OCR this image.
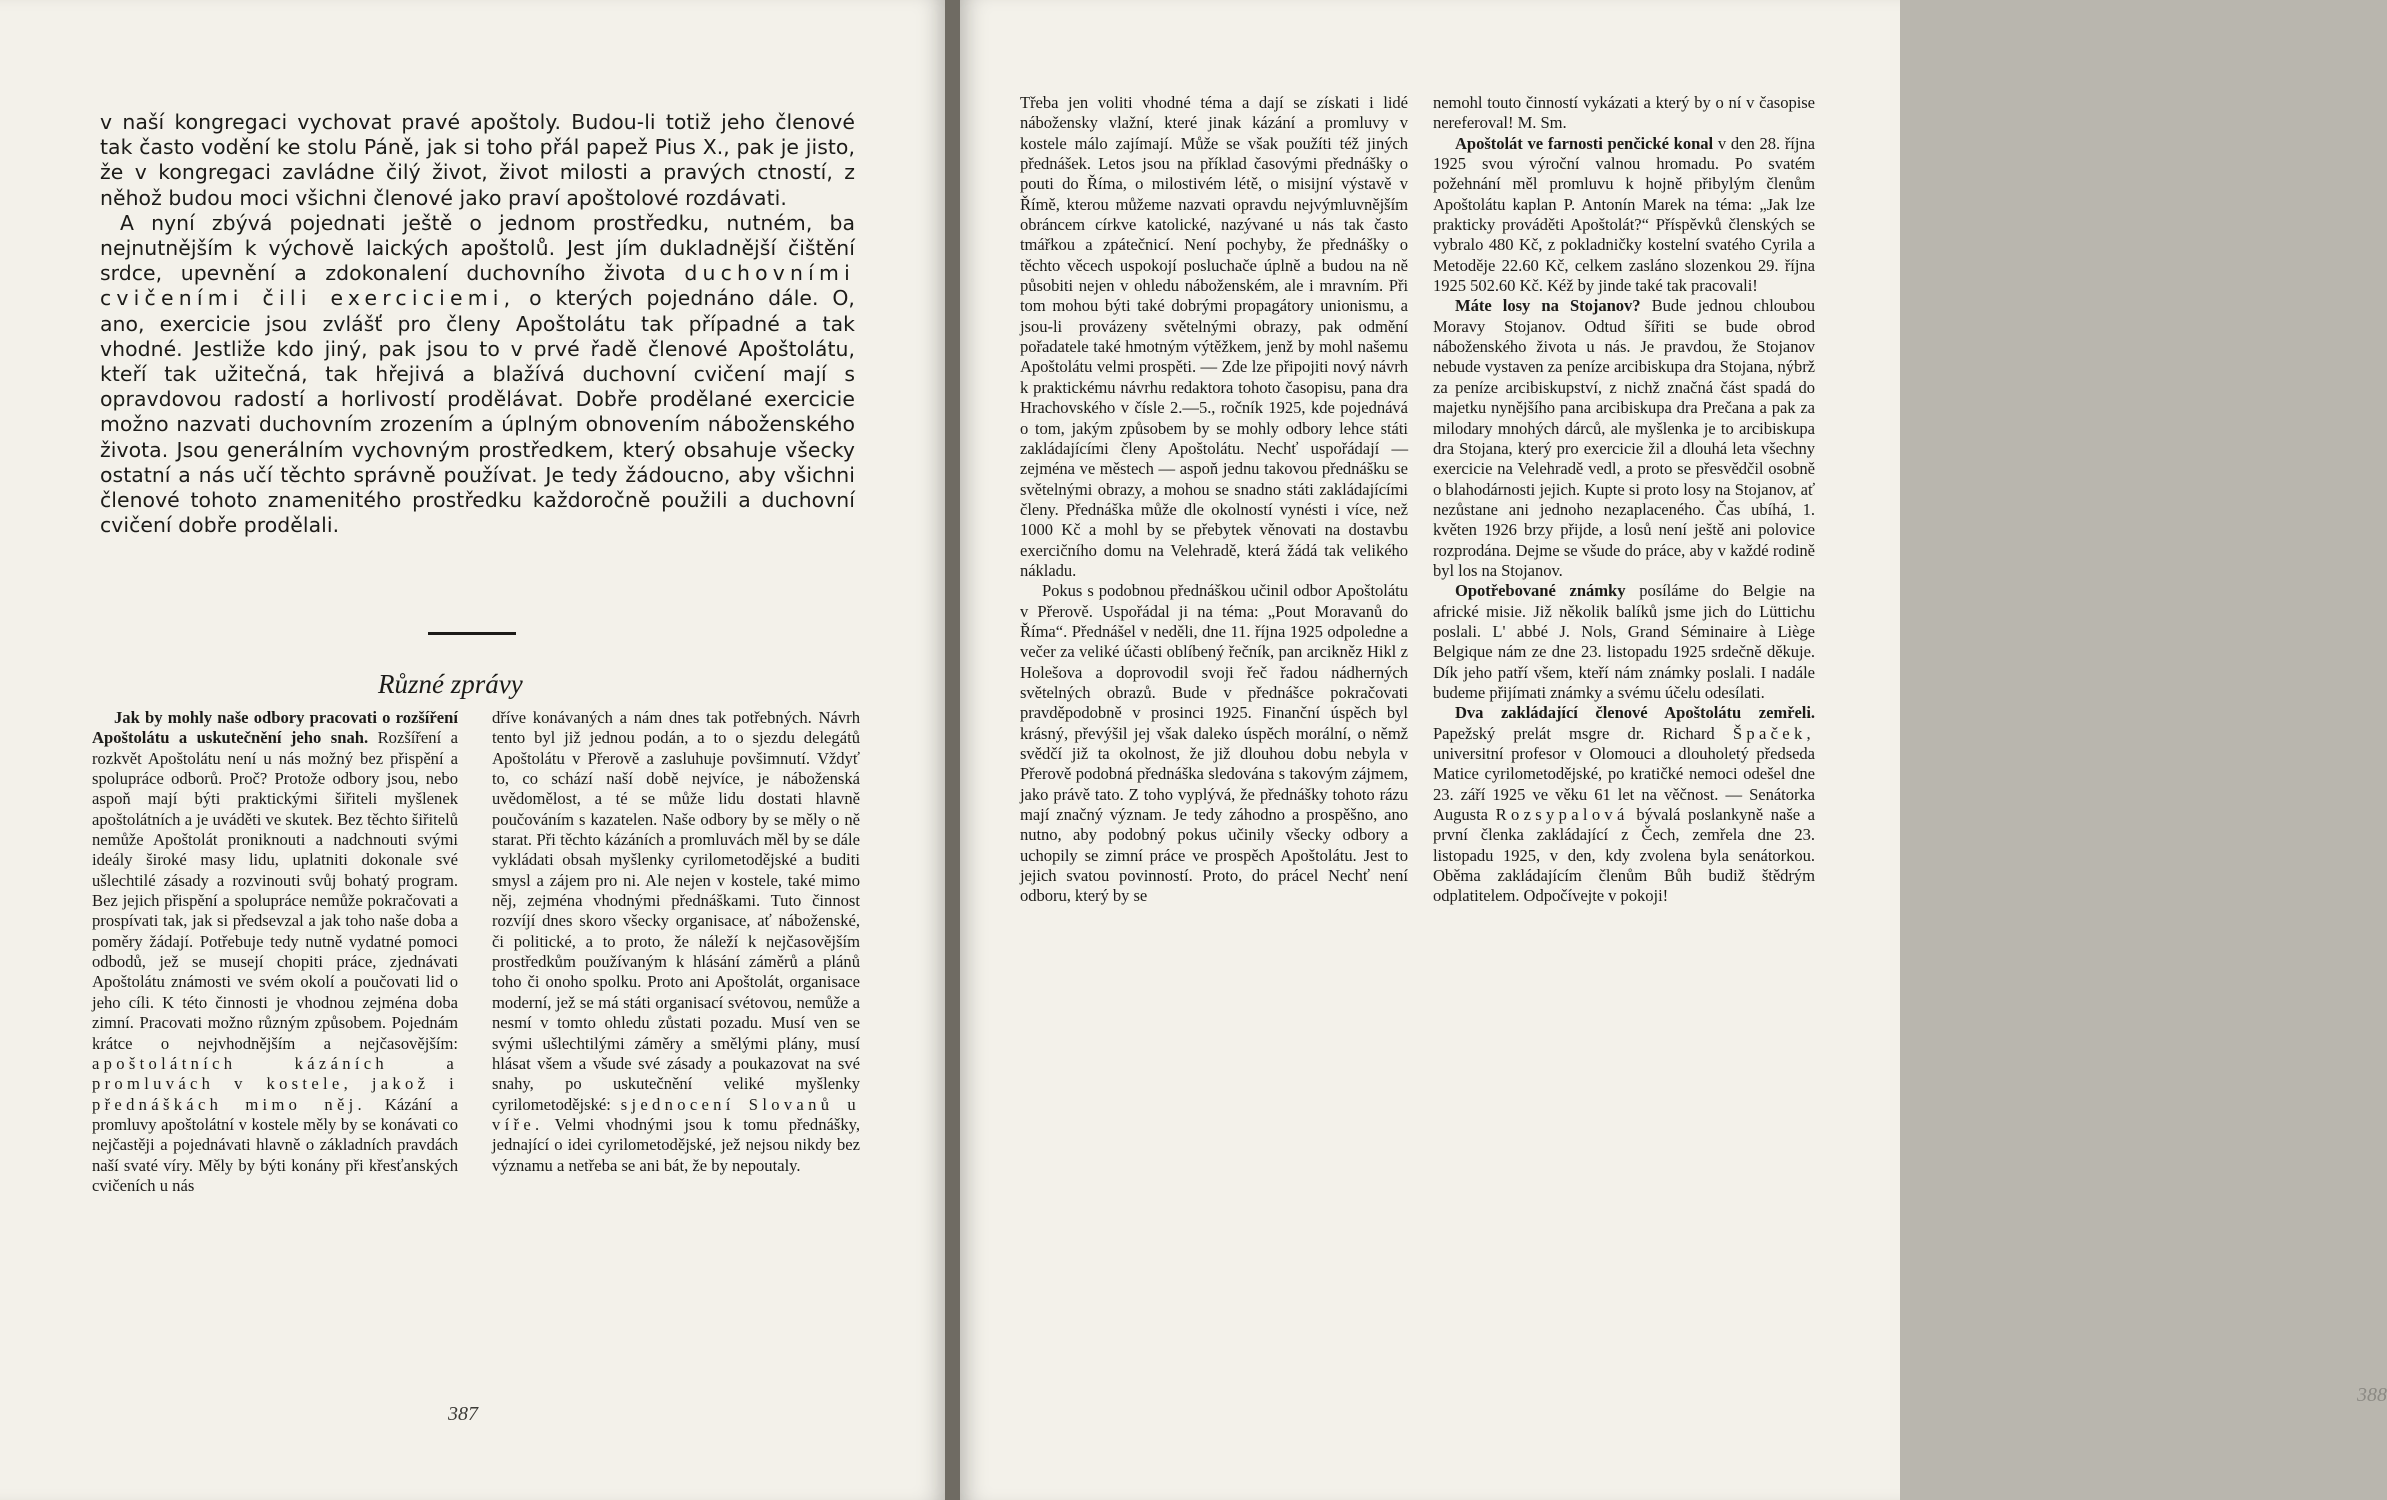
v naší kongregaci vychovat pravé apoštoly. Budou-li totiž jeho členové tak často vodění ke stolu Páně, jak si toho přál papež Pius X., pak je jisto, že v kongregaci zavládne čilý život, život milosti a pravých ctností, z něhož budou moci všichni členové jako praví apoštolové rozdávati.

A nyní zbývá pojednati ještě o jednom prostředku, nutném, ba nejnutnějším k výchově laických apoštolů. Jest jím dukladnější čištění srdce, upevnění a zdokonalení duchovního života duchovními cvičeními čili exerciciemi, o kterých pojednáno dále. O, ano, exercicie jsou zvlášť pro členy Apoštolátu tak případné a tak vhodné. Jestliže kdo jiný, pak jsou to v prvé řadě členové Apoštolátu, kteří tak užitečná, tak hřejivá a blažívá duchovní cvičení mají s opravdovou radostí a horlivostí prodělávat. Dobře prodělané exercicie možno nazvati duchovním zrozením a úplným obnovením náboženského života. Jsou generálním vychovným prostředkem, který obsahuje všecky ostatní a nás učí těchto správně používat. Je tedy žádoucno, aby všichni členové tohoto znamenitého prostředku každoročně použili a duchovní cvičení dobře prodělali.

Různé zprávy

Jak by mohly naše odbory pracovati o rozšíření Apoštolátu a uskutečnění jeho snah. Rozšíření a rozkvět Apoštolátu není u nás možný bez přispění a spolupráce odborů. Proč? Protože odbory jsou, nebo aspoň mají býti praktickými šiřiteli myšlenek apoštolátních a je uváděti ve skutek. Bez těchto šiřitelů nemůže Apoštolát proniknouti a nadchnouti svými ideály široké masy lidu, uplatniti dokonale své ušlechtilé zásady a rozvinouti svůj bohatý program. Bez jejich přispění a spolupráce nemůže pokračovati a prospívati tak, jak si předsevzal a jak toho naše doba a poměry žádají. Potřebuje tedy nutně vydatné pomoci odbodů, jež se musejí chopiti práce, zjednávati Apoštolátu známosti ve svém okolí a poučovati lid o jeho cíli. K této činnosti je vhodnou zejména doba zimní. Pracovati možno různým způsobem. Pojednám krátce o nejvhodnějším a nejčasovějším: apoštolátních kázáních a promluvách v kostele, jakož i přednáškách mimo něj. Kázání a promluvy apoštolátní v kostele měly by se konávati co nejčastěji a pojednávati hlavně o základních pravdách naší svaté víry. Měly by býti konány při křesťanských cvičeních u nás

dříve konávaných a nám dnes tak potřebných. Návrh tento byl již jednou podán, a to o sjezdu delegátů Apoštolátu v Přerově a zasluhuje povšimnutí. Vždyť to, co schází naší době nejvíce, je náboženská uvědomělost, a té se může lidu dostati hlavně poučováním s kazatelen. Naše odbory by se měly o ně starat. Při těchto kázáních a promluvách měl by se dále vykládati obsah myšlenky cyrilometodějské a buditi smysl a zájem pro ni. Ale nejen v kostele, také mimo něj, zejména vhodnými přednáškami. Tuto činnost rozvíjí dnes skoro všecky organisace, ať náboženské, či politické, a to proto, že náleží k nejčasovějším prostředkům používaným k hlásání záměrů a plánů toho či onoho spolku. Proto ani Apoštolát, organisace moderní, jež se má státi organisací svétovou, nemůže a nesmí v tomto ohledu zůstati pozadu. Musí ven se svými ušlechtilými záměry a smělými plány, musí hlásat všem a všude své zásady a poukazovat na své snahy, po uskutečnění veliké myšlenky cyrilometodějské: sjednocení Slovanů u víře. Velmi vhodnými jsou k tomu přednášky, jednající o idei cyrilometodějské, jež nejsou nikdy bez významu a netřeba se ani bát, že by nepoutaly.

387
388

Třeba jen voliti vhodné téma a dají se získati i lidé nábožensky vlažní, které jinak kázání a promluvy v kostele málo zajímají. Může se však použíti též jiných přednášek. Letos jsou na příklad časovými přednášky o pouti do Říma, o milostivém létě, o misijní výstavě v Římě, kterou můžeme nazvati opravdu nejvýmluvnějším obráncem církve katolické, nazývané u nás tak často tmářkou a zpátečnicí. Není pochyby, že přednášky o těchto věcech uspokojí posluchače úplně a budou na ně působiti nejen v ohledu náboženském, ale i mravním. Při tom mohou býti také dobrými propagátory unionismu, a jsou-li provázeny světelnými obrazy, pak odmění pořadatele také hmotným výtěžkem, jenž by mohl našemu Apoštolátu velmi prospěti. — Zde lze připojiti nový návrh k praktickému návrhu redaktora tohoto časopisu, pana dra Hrachovského v čísle 2.—5., ročník 1925, kde pojednává o tom, jakým způsobem by se mohly odbory lehce státi zakládajícími členy Apoštolátu. Nechť uspořádají — zejména ve městech — aspoň jednu takovou přednášku se světelnými obrazy, a mohou se snadno státi zakládajícími členy. Přednáška může dle okolností vynésti i více, než 1000 Kč a mohl by se přebytek věnovati na dostavbu exercičního domu na Velehradě, která žádá tak velikého nákladu.

Pokus s podobnou přednáškou učinil odbor Apoštolátu v Přerově. Uspořádal ji na téma: „Pout Moravanů do Říma“. Přednášel v neděli, dne 11. října 1925 odpoledne a večer za veliké účasti oblíbený řečník, pan arcikněz Hikl z Holešova a doprovodil svoji řeč řadou nádherných světelných obrazů. Bude v přednášce pokračovati pravděpodobně v prosinci 1925. Finanční úspěch byl krásný, převýšil jej však daleko úspěch morální, o němž svědčí již ta okolnost, že již dlouhou dobu nebyla v Přerově podobná přednáška sledována s takovým zájmem, jako právě tato. Z toho vyplývá, že přednášky tohoto rázu mají značný význam. Je tedy záhodno a prospěšno, ano nutno, aby podobný pokus učinily všecky odbory a uchopily se zimní práce ve prospěch Apoštolátu. Jest to jejich svatou povinností. Proto, do prácel Nechť není odboru, který by se

nemohl touto činností vykázati a který by o ní v časopise nereferoval! M. Sm.

Apoštolát ve farnosti penčické konal v den 28. října 1925 svou výroční valnou hromadu. Po svatém požehnání měl promluvu k hojně přibylým členům Apoštolátu kaplan P. Antonín Marek na téma: „Jak lze prakticky prováděti Apoštolát?“ Příspěvků členských se vybralo 480 Kč, z pokladničky kostelní svatého Cyrila a Metoděje 22.60 Kč, celkem zasláno slozenkou 29. října 1925 502.60 Kč. Kéž by jinde také tak pracovali!

Máte losy na Stojanov? Bude jednou chloubou Moravy Stojanov. Odtud šířiti se bude obrod náboženského života u nás. Je pravdou, že Stojanov nebude vystaven za peníze arcibiskupa dra Stojana, nýbrž za peníze arcibiskupství, z nichž značná část spadá do majetku nynějšího pana arcibiskupa dra Prečana a pak za milodary mnohých dárců, ale myšlenka je to arcibiskupa dra Stojana, který pro exercicie žil a dlouhá leta všechny exercicie na Velehradě vedl, a proto se přesvědčil osobně o blahodárnosti jejich. Kupte si proto losy na Stojanov, ať nezůstane ani jednoho nezaplaceného. Čas ubíhá, 1. květen 1926 brzy přijde, a losů není ještě ani polovice rozprodána. Dejme se všude do práce, aby v každé rodině byl los na Stojanov.

Opotřebované známky posíláme do Belgie na africké misie. Již několik balíků jsme jich do Lüttichu poslali. L' abbé J. Nols, Grand Séminaire à Liège Belgique nám ze dne 23. listopadu 1925 srdečně děkuje. Dík jeho patří všem, kteří nám známky poslali. I nadále budeme přijímati známky a svému účelu odesílati.

Dva zakládající členové Apoštolátu zemřeli. Papežský prelát msgre dr. Richard Špaček, universitní profesor v Olomouci a dlouholetý předseda Matice cyrilometodějské, po kratičké nemoci odešel dne 23. září 1925 ve věku 61 let na věčnost. — Senátorka Augusta Rozsypalová bývalá poslankyně naše a první členka zakládající z Čech, zemřela dne 23. listopadu 1925, v den, kdy zvolena byla senátorkou. Oběma zakládajícím členům Bůh budiž štědrým odplatitelem. Odpočívejte v pokoji!
